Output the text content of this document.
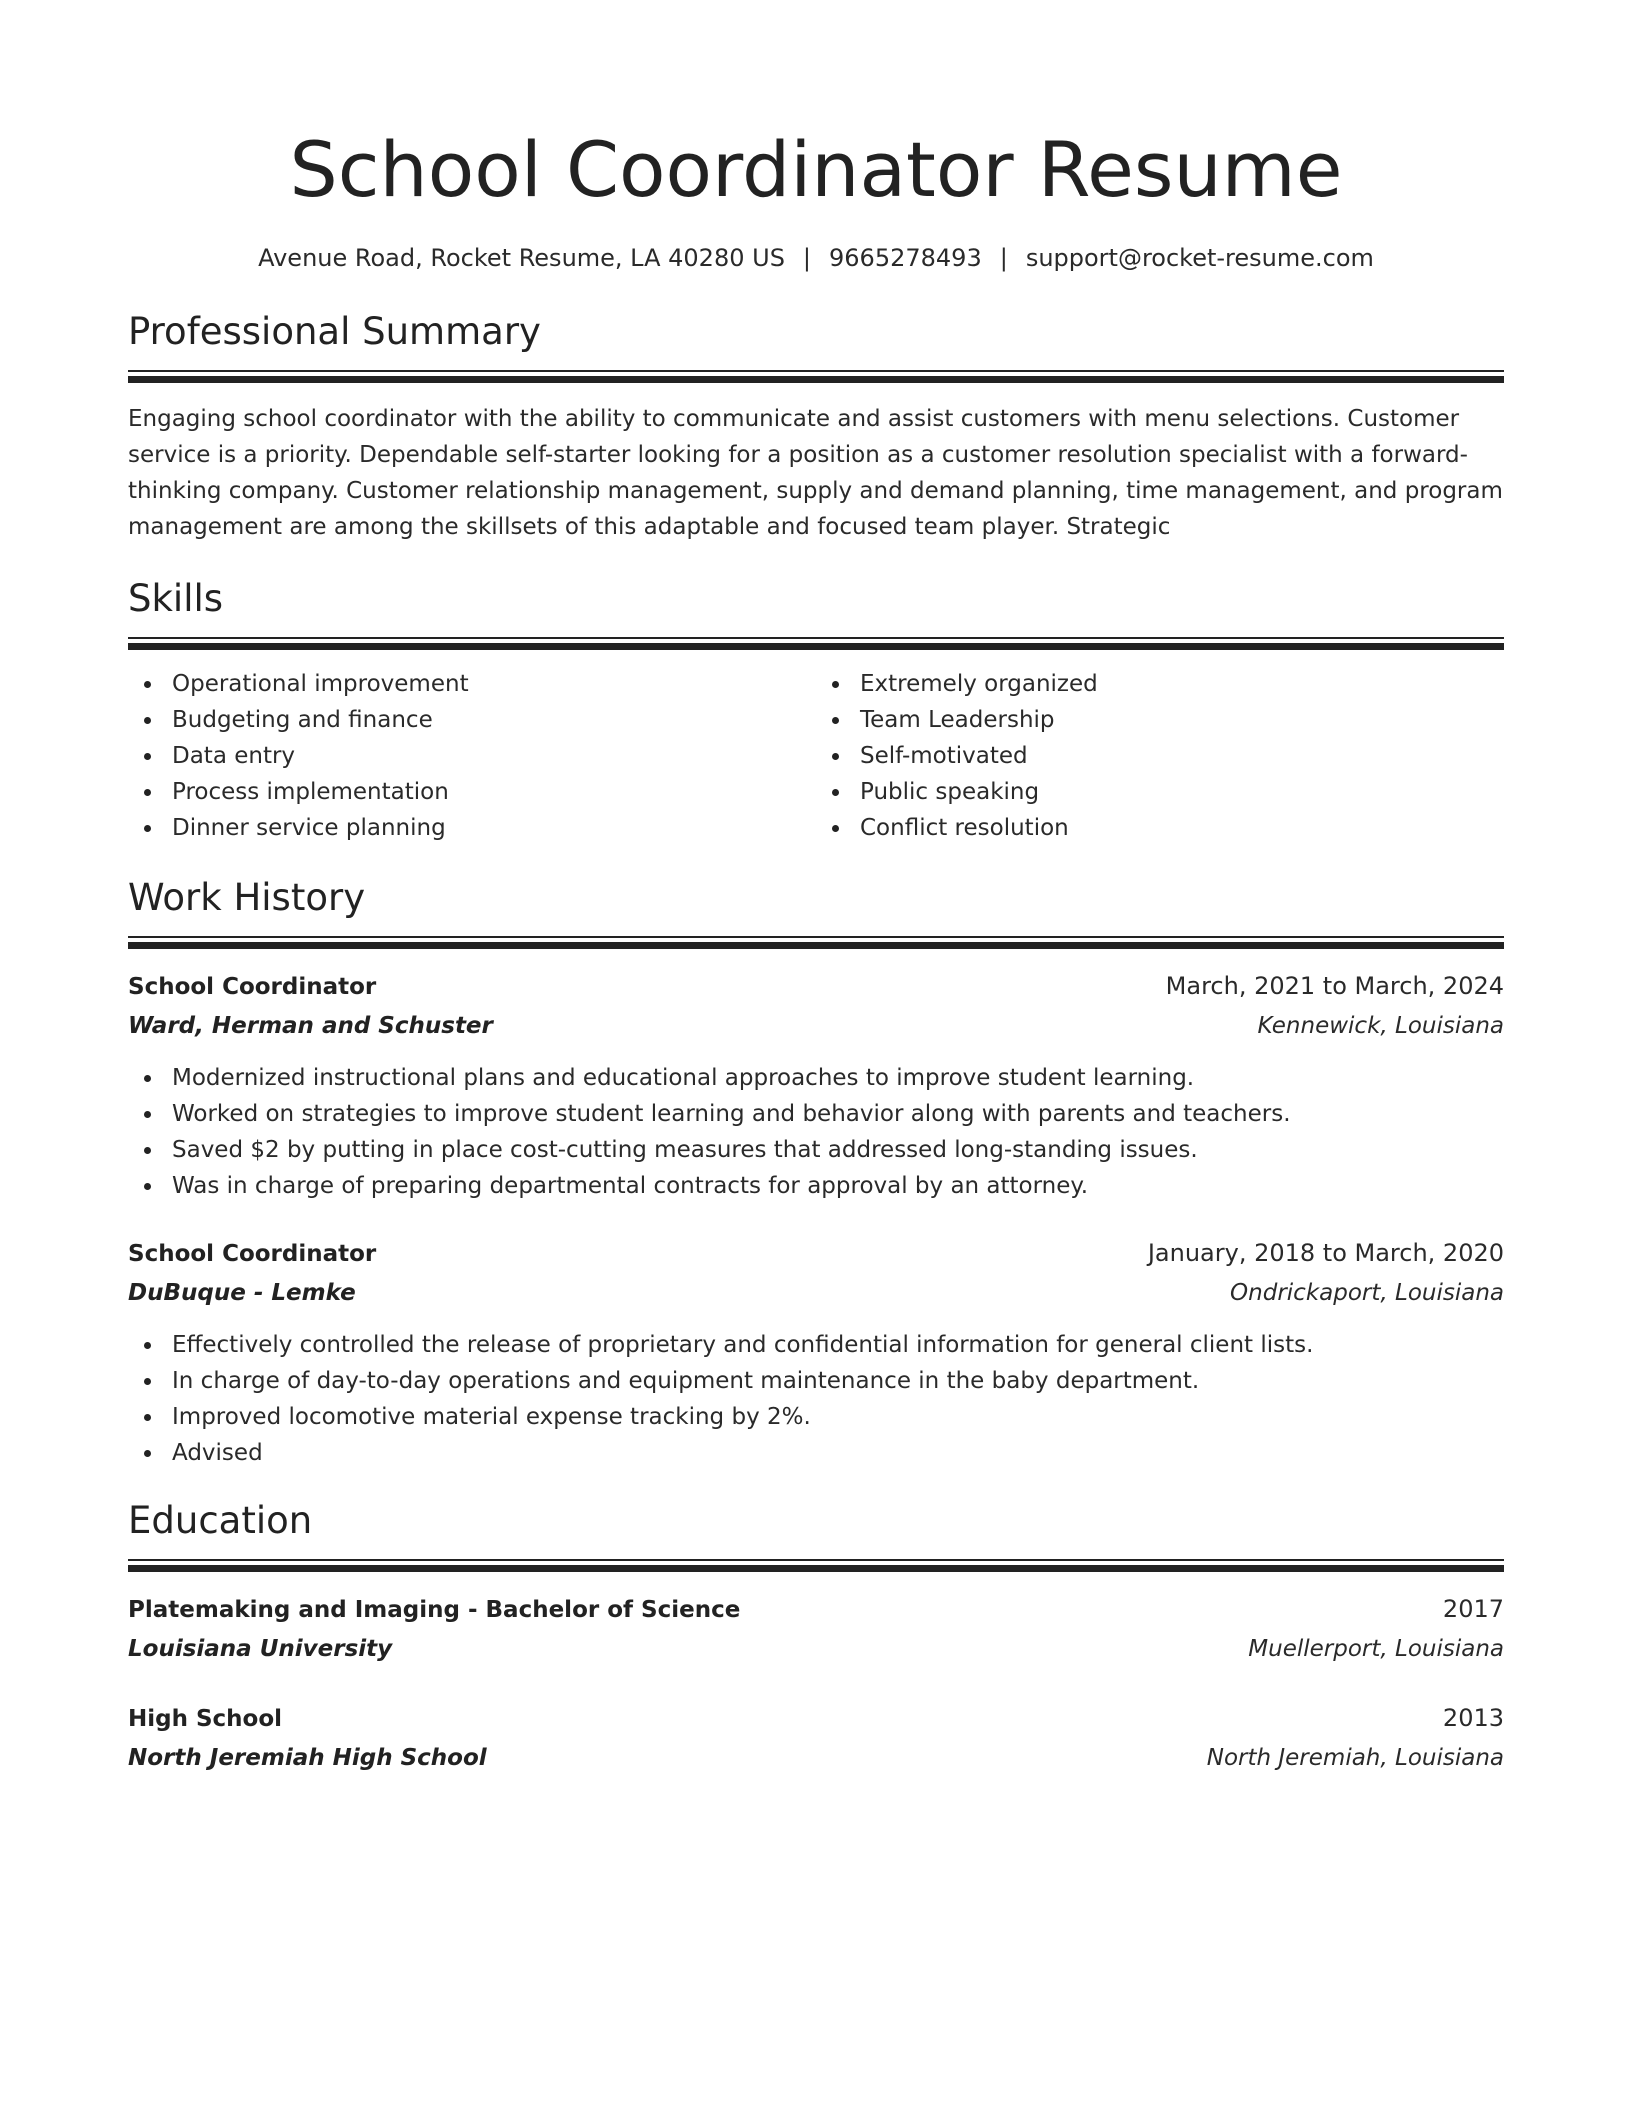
School Coordinator Resume
Avenue Road, Rocket Resume, LA 40280 US | 9665278493 | support@rocket-resume.com
Professional Summary
Engaging school coordinator with the ability to communicate and assist customers with menu selections. Customer service is a priority. Dependable self-starter looking for a position as a customer resolution specialist with a forward-thinking company. Customer relationship management, supply and demand planning, time management, and program management are among the skillsets of this adaptable and focused team player. Strategic
Skills
Operational improvement
Budgeting and finance
Data entry
Process implementation
Dinner service planning
Extremely organized
Team Leadership
Self-motivated
Public speaking
Conflict resolution
Work History
School Coordinator	March, 2021 to March, 2024
Ward, Herman and Schuster	Kennewick, Louisiana
Modernized instructional plans and educational approaches to improve student learning.
Worked on strategies to improve student learning and behavior along with parents and teachers.
Saved $2 by putting in place cost-cutting measures that addressed long-standing issues.
Was in charge of preparing departmental contracts for approval by an attorney.
School Coordinator	January, 2018 to March, 2020
DuBuque - Lemke	Ondrickaport, Louisiana
Effectively controlled the release of proprietary and confidential information for general client lists.
In charge of day-to-day operations and equipment maintenance in the baby department.
Improved locomotive material expense tracking by 2%.
Advised
Education
Platemaking and Imaging - Bachelor of Science	2017
Louisiana University	Muellerport, Louisiana
High School	2013
North Jeremiah High School	North Jeremiah, Louisiana
